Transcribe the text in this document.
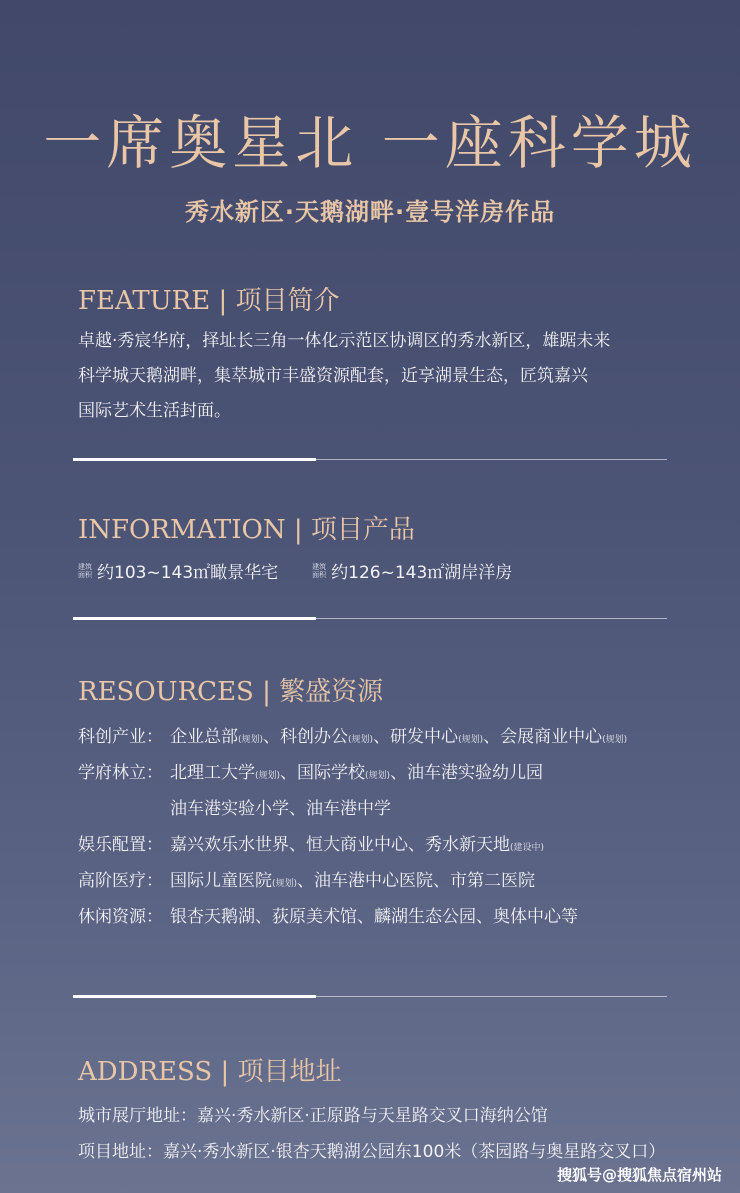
一席奥星北 一座科学城
秀水新区·天鹅湖畔·壹号洋房作品
FEATURE | 项目简介
卓越·秀宸华府，择址长三角一体化示范区协调区的秀水新区，雄踞未来
科学城天鹅湖畔，集萃城市丰盛资源配套，近享湖景生态，匠筑嘉兴
国际艺术生活封面。
INFORMATION | 项目产品
建筑
面积 约103~143㎡瞰景华宅	建筑
面积 约126~143㎡湖岸洋房
RESOURCES | 繁盛资源
科创产业： 企业总部(规划)、科创办公(规划)、研发中心(规划)、会展商业中心(规划)
学府林立： 北理工大学(规划)、国际学校(规划)、油车港实验幼儿园
油车港实验小学、油车港中学
娱乐配置： 嘉兴欢乐水世界、恒大商业中心、秀水新天地(建设中)
高阶医疗： 国际儿童医院(规划)、油车港中心医院、市第二医院
休闲资源： 银杏天鹅湖、荻原美术馆、麟湖生态公园、奥体中心等
ADDRESS | 项目地址
城市展厅地址：嘉兴·秀水新区·正原路与天星路交叉口海纳公馆
项目地址：嘉兴·秀水新区·银杏天鹅湖公园东100米（茶园路与奥星路交叉口）
搜狐号@搜狐焦点宿州站
